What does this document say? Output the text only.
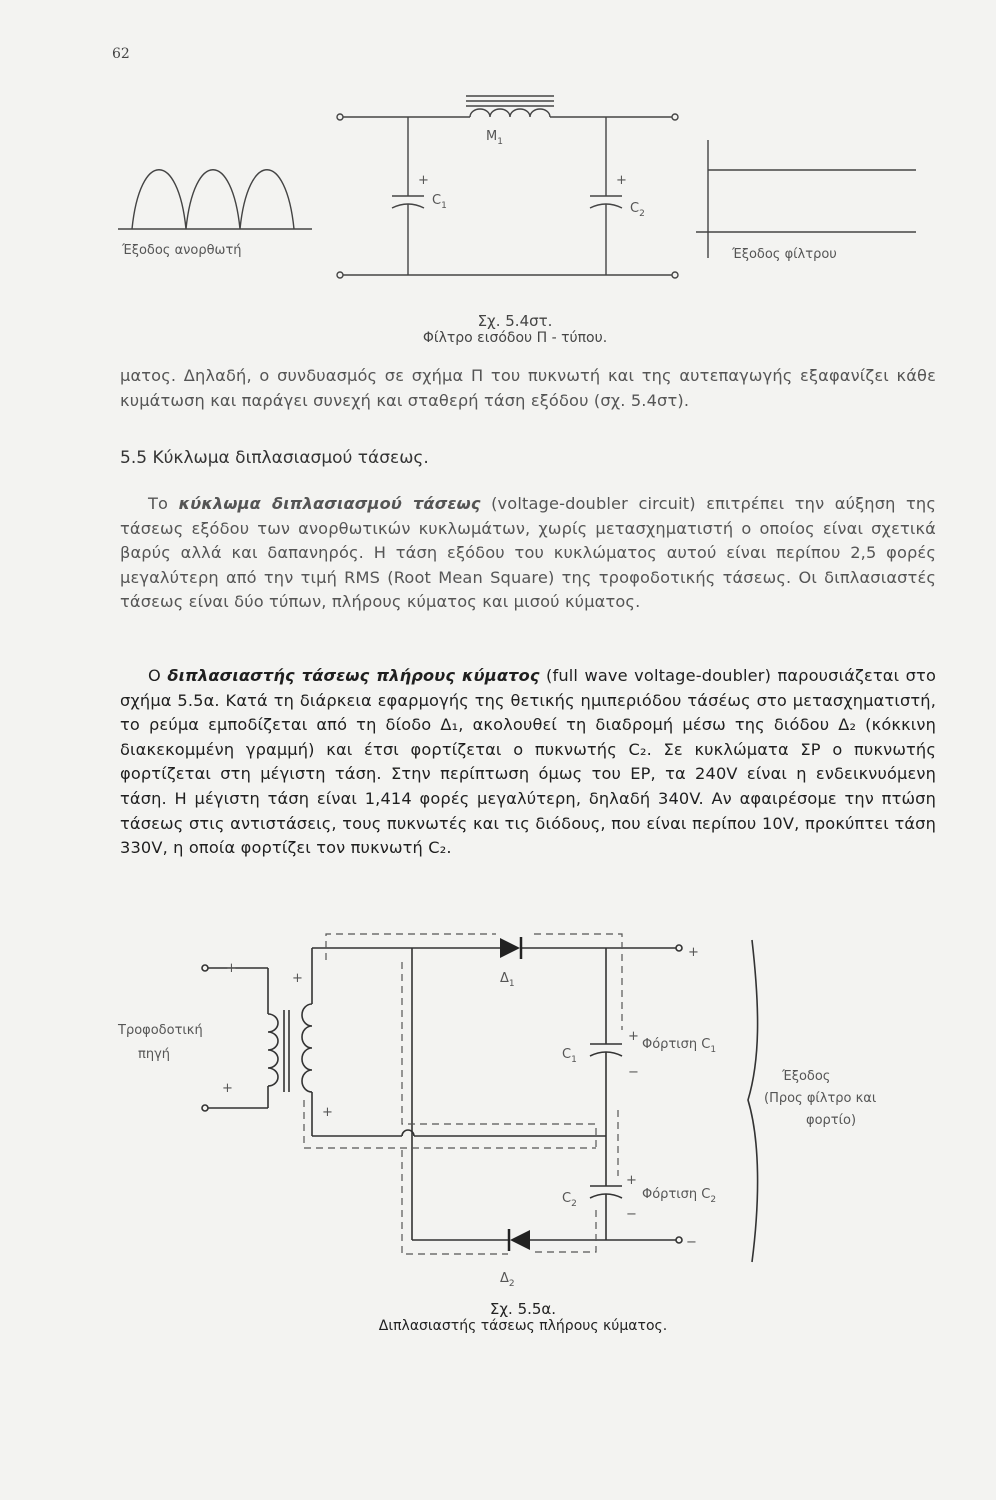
62
$M_1$
+
$C_1$
+
$C_2$
Έξοδος ανορθωτή	Έξοδος φίλτρου
Σχ. 5.4στ.
Φίλτρο εισόδου Π - τύπου.

ματος. Δηλαδή, ο συνδυασμός σε σχήμα Π του πυκνωτή και της αυτεπαγωγής εξαφανίζει κάθε κυμάτωση και παράγει συνεχή και σταθερή τάση εξόδου (σχ. 5.4στ).

5.5 Κύκλωμα διπλασιασμού τάσεως.

Το κύκλωμα διπλασιασμού τάσεως (voltage-doubler circuit) επιτρέπει την αύξηση της τάσεως εξόδου των ανορθωτικών κυκλωμάτων, χωρίς μετασχηματιστή ο οποίος είναι σχετικά βαρύς αλλά και δαπανηρός. Η τάση εξόδου του κυκλώματος αυτού είναι περίπου 2,5 φορές μεγαλύτερη από την τιμή RMS (Root Mean Square) της τροφοδοτικής τάσεως. Οι διπλασιαστές τάσεως είναι δύο τύπων, πλήρους κύματος και μισού κύματος.

Ο διπλασιαστής τάσεως πλήρους κύματος (full wave voltage-doubler) παρουσιάζεται στο σχήμα 5.5α. Κατά τη διάρκεια εφαρμογής της θετικής ημιπεριόδου τάσέως στο μετασχηματιστή, το ρεύμα εμποδίζεται από τη δίοδο Δ₁, ακολουθεί τη διαδρομή μέσω της διόδου Δ₂ (κόκκινη διακεκομμένη γραμμή) και έτσι φορτίζεται ο πυκνωτής C₂. Σε κυκλώματα ΣΡ ο πυκνωτής φορτίζεται στη μέγιστη τάση. Στην περίπτωση όμως του ΕΡ, τα 240V είναι η ενδεικνυόμενη τάση. Η μέγιστη τάση είναι 1,414 φορές μεγαλύτερη, δηλαδή 340V. Αν αφαιρέσομε την πτώση τάσεως στις αντιστάσεις, τους πυκνωτές και τις διόδους, που είναι περίπου 10V, προκύπτει τάση 330V, η οποία φορτίζει τον πυκνωτή C₂.

+
+
+
+
+
−
+
−
+
−
Τροφοδοτική
πηγή
$\Delta_1$
$\Delta_2$
$C_1$
$C_2$
Φόρτιση $C_1$
Φόρτιση $C_2$
Έξοδος
(Προς φίλτρο και
φορτίο)
Σχ. 5.5α.
Διπλασιαστής τάσεως πλήρους κύματος.
